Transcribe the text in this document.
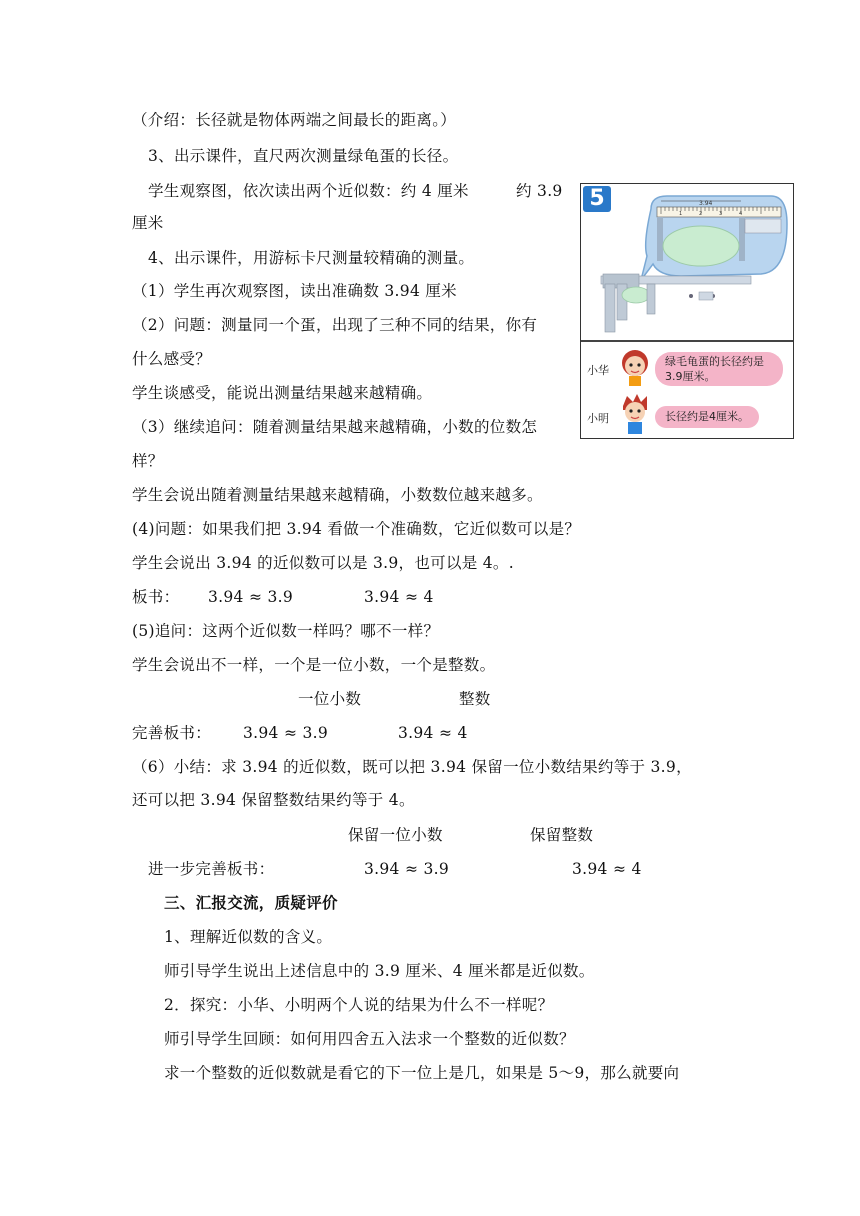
（介绍：长径就是物体两端之间最长的距离。）
3、出示课件，直尺两次测量绿龟蛋的长径。
学生观察图，依次读出两个近似数：约 4 厘米	约 3.9
厘米
4、出示课件，用游标卡尺测量较精确的测量。
（1）学生再次观察图，读出准确数 3.94 厘米
（2）问题：测量同一个蛋，出现了三种不同的结果，你有
什么感受？
学生谈感受，能说出测量结果越来越精确。
（3）继续追问：随着测量结果越来越精确，小数的位数怎
样？
学生会说出随着测量结果越来越精确，小数数位越来越多。
(4)问题：如果我们把 3.94 看做一个准确数，它近似数可以是？
学生会说出 3.94 的近似数可以是 3.9，也可以是 4。.
板书： 3.94 ≈ 3.9	3.94 ≈ 4
(5)追问：这两个近似数一样吗？哪不一样？
学生会说出不一样，一个是一位小数，一个是整数。
一位小数	整数
完善板书： 3.94 ≈ 3.9	3.94 ≈ 4
（6）小结：求 3.94 的近似数，既可以把 3.94 保留一位小数结果约等于 3.9，
还可以把 3.94 保留整数结果约等于 4。
保留一位小数	保留整数
进一步完善板书：	3.94 ≈ 3.9	3.94 ≈ 4
三、汇报交流，质疑评价
1、理解近似数的含义。
师引导学生说出上述信息中的 3.9 厘米、4 厘米都是近似数。
2．探究：小华、小明两个人说的结果为什么不一样呢？
师引导学生回顾：如何用四舍五入法求一个整数的近似数？
求一个整数的近似数就是看它的下一位上是几，如果是 5～9，那么就要向
3.94
1	2	3	4
5
小华
绿毛龟蛋的长径约是3.9厘米。
小明	长径约是4厘米。
